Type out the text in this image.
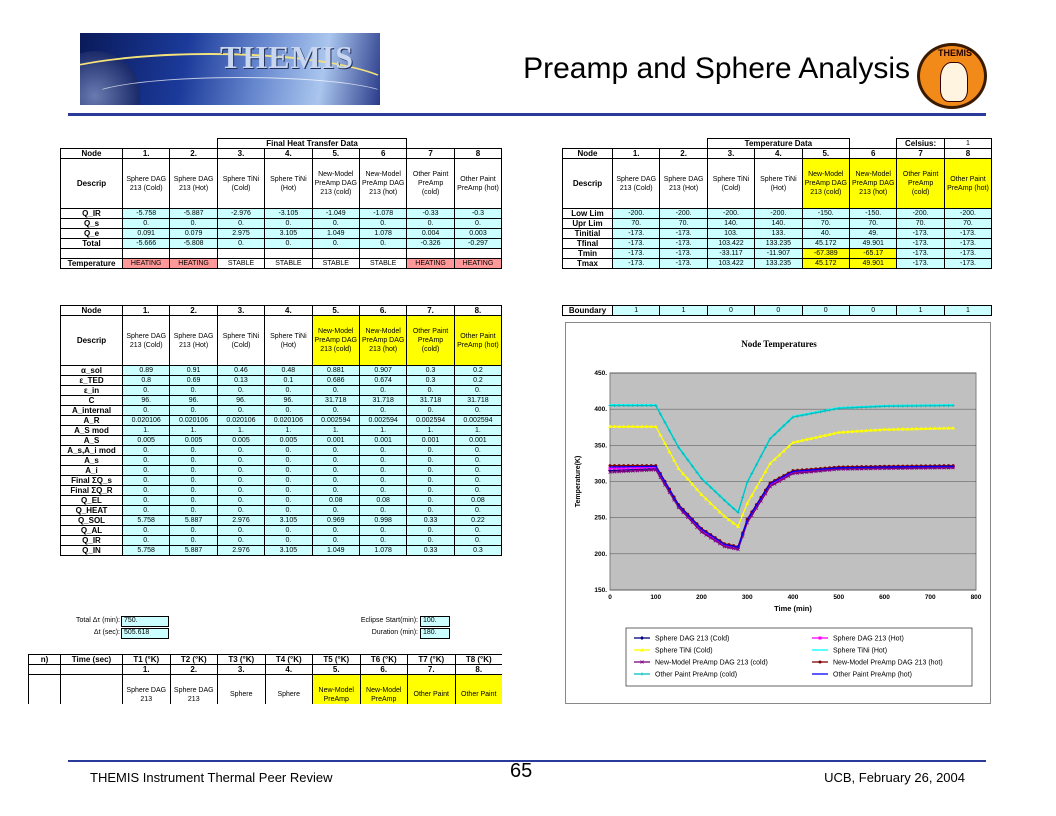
THEMIS	Preamp and Sphere Analysis	THEMIS
			Final Heat Transfer Data					
Node	1.	2.	3.	4.	5.	6	7	8
Descrip	Sphere DAG 213 (Cold)	Sphere DAG 213 (Hot)	Sphere TiNi (Cold)	Sphere TiNi (Hot)	New-Model PreAmp DAG 213 (cold)	New-Model PreAmp DAG 213 (hot)	Other Paint PreAmp (cold)	Other Paint PreAmp (hot)
Q_IR	-5.758	-5.887	-2.976	-3.105	-1.049	-1.078	-0.33	-0.3
Q_s	0.	0.	0.	0.	0.	0.	0.	0.
Q_e	0.091	0.079	2.975	3.105	1.049	1.078	0.004	0.003
Total	-5.666	-5.808	0.	0.	0.	0.	-0.326	-0.297

Temperature	HEATING	HEATING	STABLE	STABLE	STABLE	STABLE	HEATING	HEATING
Node	1.	2.	3.	4.	5.	6.	7.	8.
Descrip	Sphere DAG 213 (Cold)	Sphere DAG 213 (Hot)	Sphere TiNi (Cold)	Sphere TiNi (Hot)	New-Model PreAmp DAG 213 (cold)	New-Model PreAmp DAG 213 (hot)	Other Paint PreAmp (cold)	Other Paint PreAmp (hot)
α_sol	0.89	0.91	0.46	0.48	0.881	0.907	0.3	0.2
ε_TED	0.8	0.69	0.13	0.1	0.686	0.674	0.3	0.2
ε_in	0.	0.	0.	0.	0.	0.	0.	0.
C	96.	96.	96.	96.	31.718	31.718	31.718	31.718
A_internal	0.	0.	0.	0.	0.	0.	0.	0.
A_R	0.020106	0.020106	0.020106	0.020106	0.002594	0.002594	0.002594	0.002594
A_S mod	1.	1.	1.	1.	1.	1.	1.	1.
A_S	0.005	0.005	0.005	0.005	0.001	0.001	0.001	0.001
A_s,A_i mod	0.	0.	0.	0.	0.	0.	0.	0.
A_s	0.	0.	0.	0.	0.	0.	0.	0.
A_i	0.	0.	0.	0.	0.	0.	0.	0.
Final ΣQ_s	0.	0.	0.	0.	0.	0.	0.	0.
Final ΣQ_R	0.	0.	0.	0.	0.	0.	0.	0.
Q_EL	0.	0.	0.	0.	0.08	0.08	0.	0.08
Q_HEAT	0.	0.	0.	0.	0.	0.	0.	0.
Q_SOL	5.758	5.887	2.976	3.105	0.969	0.998	0.33	0.22
Q_AL	0.	0.	0.	0.	0.	0.	0.	0.
Q_IR	0.	0.	0.	0.	0.	0.	0.	0.
Q_IN	5.758	5.887	2.976	3.105	1.049	1.078	0.33	0.3
Total Δτ (min): 750.
Δt (sec): 505.618
Eclipse Start(min): 100.
Duration (min): 180.
n)	Time (sec)	T1 (°K)	T2 (°K)	T3 (°K)	T4 (°K)	T5 (°K)	T6 (°K)	T7 (°K)	T8 (°K)
		1.	2.	3.	4.	5.	6.	7.	8.
		Sphere DAG 213	Sphere DAG 213	Sphere	Sphere	New-Model PreAmp	New-Model PreAmp	Other Paint	Other Paint
			Temperature Data				Celsius:	1
Node	1.	2.	3.	4.	5.	6	7	8
Descrip	Sphere DAG 213 (Cold)	Sphere DAG 213 (Hot)	Sphere TiNi (Cold)	Sphere TiNi (Hot)	New-Model PreAmp DAG 213 (cold)	New-Model PreAmp DAG 213 (hot)	Other Paint PreAmp (cold)	Other Paint PreAmp (hot)
Low Lim	-200.	-200.	-200.	-200.	-150.	-150.	-200.	-200.
Upr Lim	70.	70.	140.	140.	70.	70.	70.	70.
Tinitial	-173.	-173.	103.	133.	40.	49.	-173.	-173.
Tfinal	-173.	-173.	103.422	133.235	45.172	49.901	-173.	-173.
Tmin	-173.	-173.	-33.117	-11.907	-67.389	-65.17	-173.	-173.
Tmax	-173.	-173.	103.422	133.235	45.172	49.901	-173.	-173.
Boundary	1	1	0	0	0	0	1	1
Node Temperatures
150.
200.
250.
300.
350.
400.
450.
0	100	200	300	400	500	600	700	800
Time (min)
Temperature(K)
Sphere DAG 213 (Cold)	Sphere DAG 213 (Hot)
Sphere TiNi (Cold)	Sphere TiNi (Hot)
New-Model PreAmp DAG 213 (cold)	New-Model PreAmp DAG 213 (hot)
Other Paint PreAmp (cold)	Other Paint PreAmp (hot)
THEMIS Instrument Thermal Peer Review	65	UCB, February 26, 2004
